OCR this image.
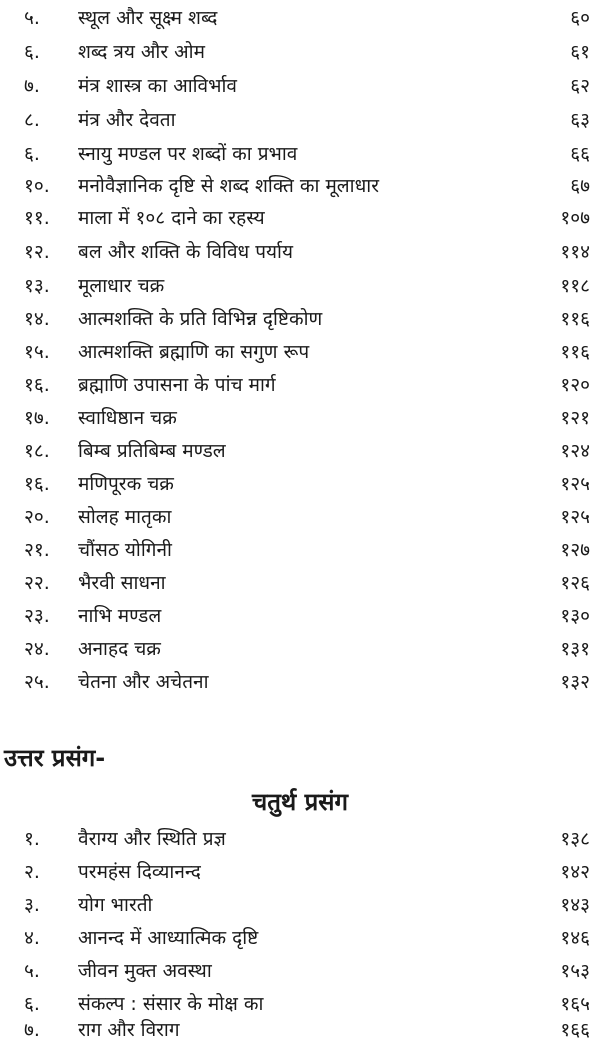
५. स्थूल और सूक्ष्म शब्द	६०
६. शब्द त्रय और ओम	६१
७. मंत्र शास्त्र का आविर्भाव	६२
८. मंत्र और देवता	६३
६. स्नायु मण्डल पर शब्दों का प्रभाव	६६
१०. मनोवैज्ञानिक दृष्टि से शब्द शक्ति का मूलाधार	६७
११. माला में १०८ दाने का रहस्य	१०७
१२. बल और शक्ति के विविध पर्याय	११४
१३. मूलाधार चक्र	११८
१४. आत्मशक्ति के प्रति विभिन्न दृष्टिकोण	११६
१५. आत्मशक्ति ब्रह्माणि का सगुण रूप	११६
१६. ब्रह्माणि उपासना के पांच मार्ग	१२०
१७. स्वाधिष्ठान चक्र	१२१
१८. बिम्ब प्रतिबिम्ब मण्डल	१२४
१६. मणिपूरक चक्र	१२५
२०. सोलह मातृका	१२५
२१. चौंसठ योगिनी	१२७
२२. भैरवी साधना	१२६
२३. नाभि मण्डल	१३०
२४. अनाहद चक्र	१३१
२५. चेतना और अचेतना	१३२
उत्तर प्रसंग-
चतुर्थ प्रसंग
१. वैराग्य और स्थिति प्रज्ञ	१३८
२. परमहंस दिव्यानन्द	१४२
३. योग भारती	१४३
४. आनन्द में आध्यात्मिक दृष्टि	१४६
५. जीवन मुक्त अवस्था	१५३
६. संकल्प : संसार के मोक्ष का	१६५
७. राग और विराग	१६६
